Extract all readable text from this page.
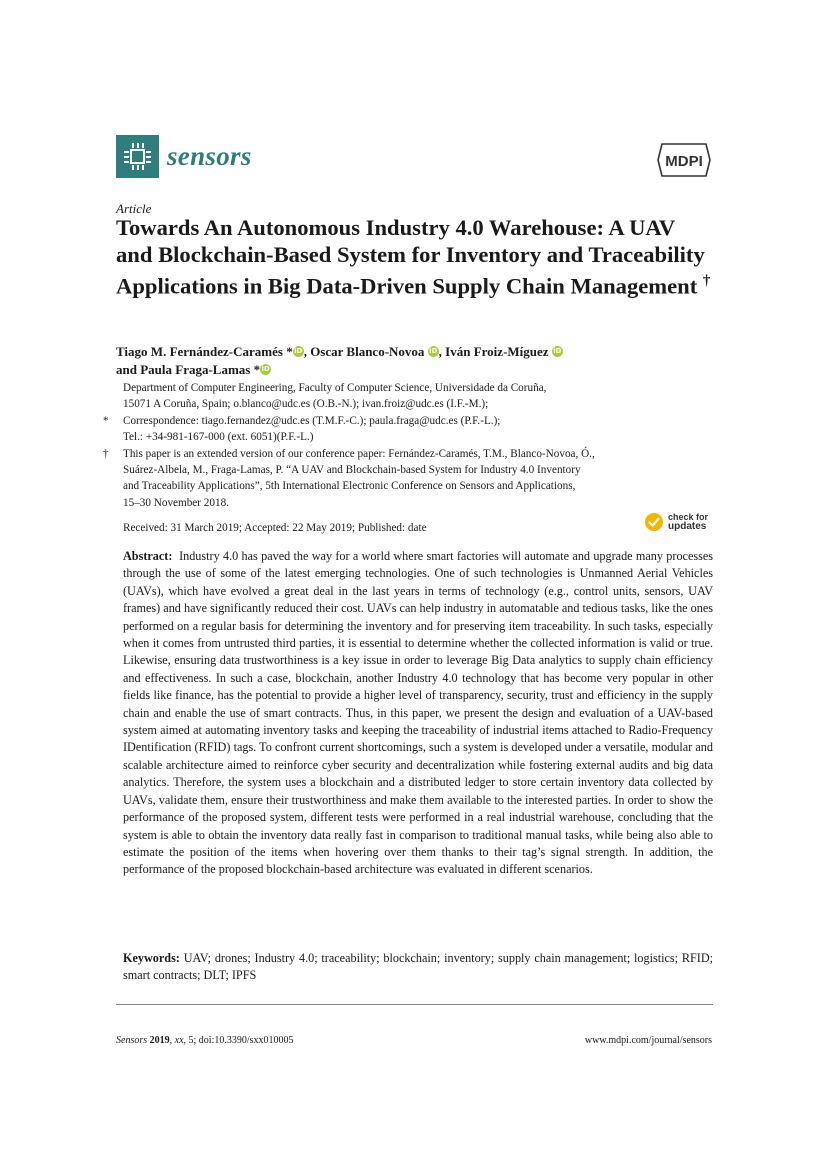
sensors	MDPI
Article
Towards An Autonomous Industry 4.0 Warehouse: A UAV and Blockchain-Based System for Inventory and Traceability Applications in Big Data-Driven Supply Chain Management †
Tiago M. Fernández-Caramés *iD, Oscar Blanco-Novoa iD, Iván Froiz-Míguez iD
and Paula Fraga-Lamas *iD
Department of Computer Engineering, Faculty of Computer Science, Universidade da Coruña,
15071 A Coruña, Spain; o.blanco@udc.es (O.B.-N.); ivan.froiz@udc.es (I.F.-M.);
*	Correspondence: tiago.fernandez@udc.es (T.M.F.-C.); paula.fraga@udc.es (P.F.-L.);
Tel.: +34-981-167-000 (ext. 6051)(P.F.-L.)
†	This paper is an extended version of our conference paper: Fernández-Caramés, T.M., Blanco-Novoa, Ó.,
Suárez-Albela, M., Fraga-Lamas, P. “A UAV and Blockchain-based System for Industry 4.0 Inventory
and Traceability Applications”, 5th International Electronic Conference on Sensors and Applications,
15–30 November 2018.
Received: 31 March 2019; Accepted: 22 May 2019; Published: date
check for
updates

Abstract: Industry 4.0 has paved the way for a world where smart factories will automate and upgrade many processes through the use of some of the latest emerging technologies. One of such technologies is Unmanned Aerial Vehicles (UAVs), which have evolved a great deal in the last years in terms of technology (e.g., control units, sensors, UAV frames) and have significantly reduced their cost. UAVs can help industry in automatable and tedious tasks, like the ones performed on a regular basis for determining the inventory and for preserving item traceability. In such tasks, especially when it comes from untrusted third parties, it is essential to determine whether the collected information is valid or true. Likewise, ensuring data trustworthiness is a key issue in order to leverage Big Data analytics to supply chain efficiency and effectiveness. In such a case, blockchain, another Industry 4.0 technology that has become very popular in other fields like finance, has the potential to provide a higher level of transparency, security, trust and efficiency in the supply chain and enable the use of smart contracts. Thus, in this paper, we present the design and evaluation of a UAV-based system aimed at automating inventory tasks and keeping the traceability of industrial items attached to Radio-Frequency IDentification (RFID) tags. To confront current shortcomings, such a system is developed under a versatile, modular and scalable architecture aimed to reinforce cyber security and decentralization while fostering external audits and big data analytics. Therefore, the system uses a blockchain and a distributed ledger to store certain inventory data collected by UAVs, validate them, ensure their trustworthiness and make them available to the interested parties. In order to show the performance of the proposed system, different tests were performed in a real industrial warehouse, concluding that the system is able to obtain the inventory data really fast in comparison to traditional manual tasks, while being also able to estimate the position of the items when hovering over them thanks to their tag’s signal strength. In addition, the performance of the proposed blockchain-based architecture was evaluated in different scenarios.

Keywords: UAV; drones; Industry 4.0; traceability; blockchain; inventory; supply chain management; logistics; RFID; smart contracts; DLT; IPFS

Sensors 2019, xx, 5; doi:10.3390/sxx010005	www.mdpi.com/journal/sensors
